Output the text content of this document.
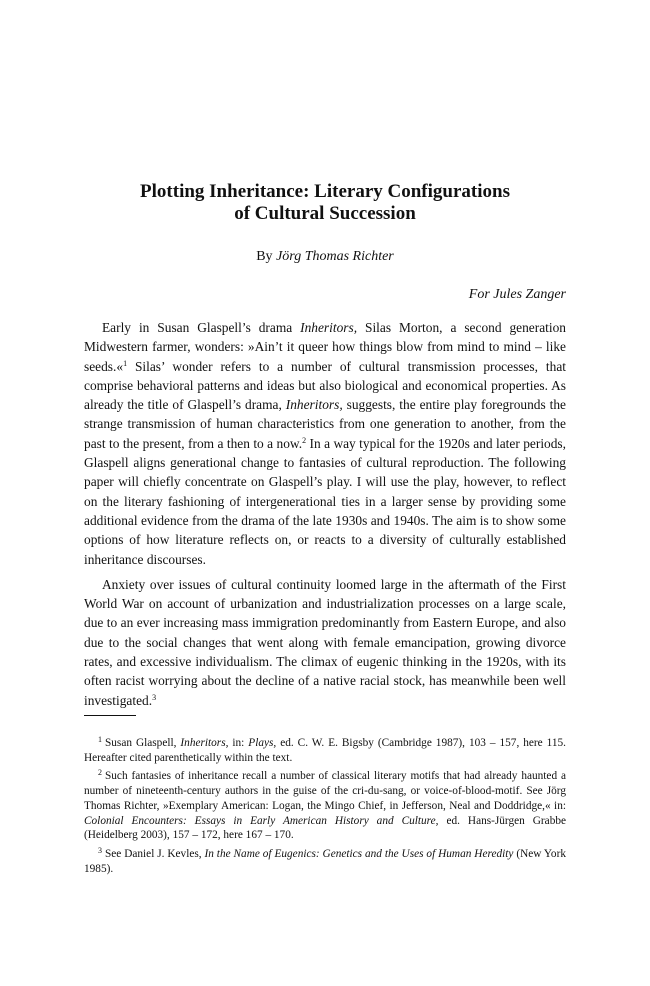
Plotting Inheritance: Literary Configurations
of Cultural Succession
By Jörg Thomas Richter
For Jules Zanger

Early in Susan Glaspell’s drama Inheritors, Silas Morton, a second generation Midwestern farmer, wonders: »Ain’t it queer how things blow from mind to mind – like seeds.«$^1$ Silas’ wonder refers to a number of cultural transmission processes, that comprise behavioral patterns and ideas but also biological and economical properties. As already the title of Glaspell’s drama, Inheritors, suggests, the entire play foregrounds the strange transmission of human characteristics from one generation to another, from the past to the present, from a then to a now.$^2$ In a way typical for the 1920s and later periods, Glaspell aligns generational change to fantasies of cultural reproduction. The following paper will chiefly concentrate on Glaspell’s play. I will use the play, however, to reflect on the literary fashioning of intergenerational ties in a larger sense by providing some additional evidence from the drama of the late 1930s and 1940s. The aim is to show some options of how literature reflects on, or reacts to a diversity of culturally established inheritance discourses.

Anxiety over issues of cultural continuity loomed large in the aftermath of the First World War on account of urbanization and industrialization processes on a large scale, due to an ever increasing mass immigration predominantly from Eastern Europe, and also due to the social changes that went along with female emancipation, growing divorce rates, and excessive individualism. The climax of eugenic thinking in the 1920s, with its often racist worrying about the decline of a native racial stock, has meanwhile been well investigated.$^3$

$^1$ Susan Glaspell, Inheritors, in: Plays, ed. C. W. E. Bigsby (Cambridge 1987), 103 – 157, here 115. Hereafter cited parenthetically within the text.

$^2$ Such fantasies of inheritance recall a number of classical literary motifs that had already haunted a number of nineteenth-century authors in the guise of the cri-du-sang, or voice-of-blood-motif. See Jörg Thomas Richter, »Exemplary American: Logan, the Mingo Chief, in Jefferson, Neal and Doddridge,« in: Colonial Encounters: Essays in Early American History and Culture, ed. Hans-Jürgen Grabbe (Heidelberg 2003), 157 – 172, here 167 – 170.

$^3$ See Daniel J. Kevles, In the Name of Eugenics: Genetics and the Uses of Human Heredity (New York 1985).
